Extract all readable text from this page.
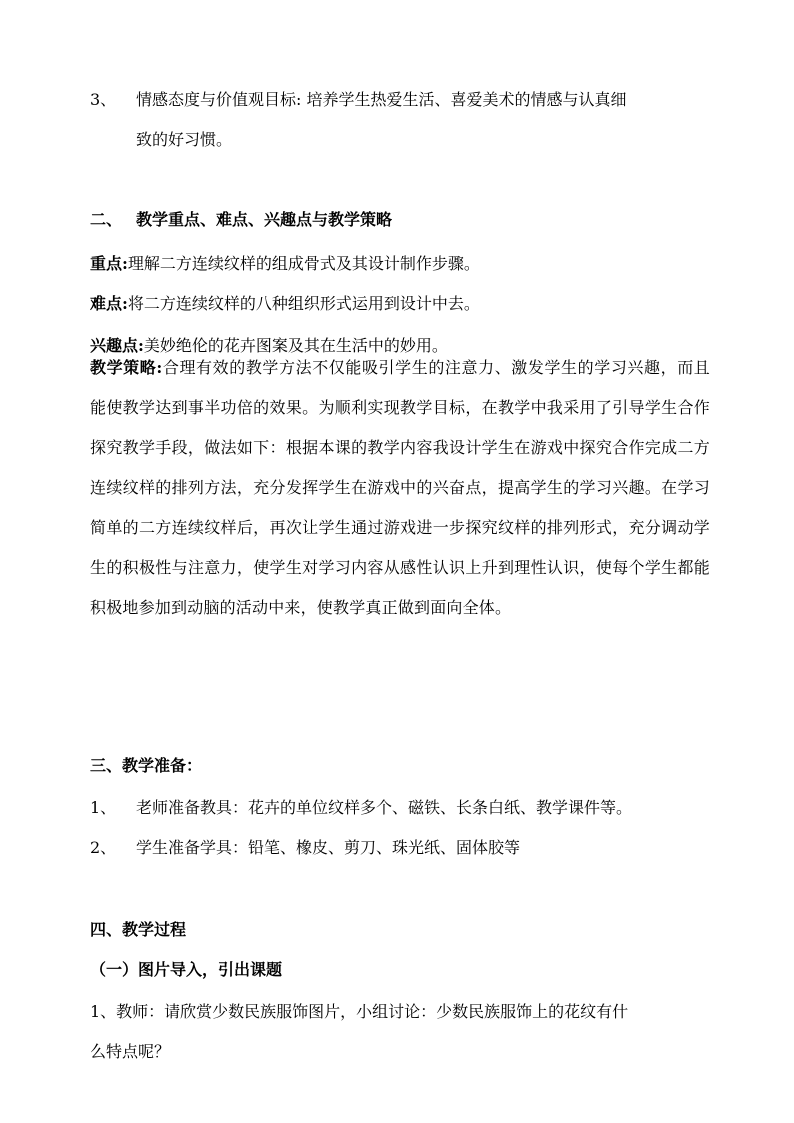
3、 情感态度与价值观目标: 培养学生热爱生活、喜爱美术的情感与认真细
致的好习惯。
二、 教学重点、难点、兴趣点与教学策略
重点:理解二方连续纹样的组成骨式及其设计制作步骤。
难点:将二方连续纹样的八种组织形式运用到设计中去。
兴趣点:美妙绝伦的花卉图案及其在生活中的妙用。
教学策略:合理有效的教学方法不仅能吸引学生的注意力、激发学生的学习兴趣，而且能使教学达到事半功倍的效果。为顺利实现教学目标，在教学中我采用了引导学生合作探究教学手段，做法如下：根据本课的教学内容我设计学生在游戏中探究合作完成二方连续纹样的排列方法，充分发挥学生在游戏中的兴奋点，提高学生的学习兴趣。在学习简单的二方连续纹样后，再次让学生通过游戏进一步探究纹样的排列形式，充分调动学生的积极性与注意力，使学生对学习内容从感性认识上升到理性认识，使每个学生都能积极地参加到动脑的活动中来，使教学真正做到面向全体。
三、教学准备：
1、 老师准备教具：花卉的单位纹样多个、磁铁、长条白纸、教学课件等。
2、 学生准备学具：铅笔、橡皮、剪刀、珠光纸、固体胶等
四、教学过程
（一）图片导入，引出课题
1、教师：请欣赏少数民族服饰图片，小组讨论：少数民族服饰上的花纹有什
么特点呢？
